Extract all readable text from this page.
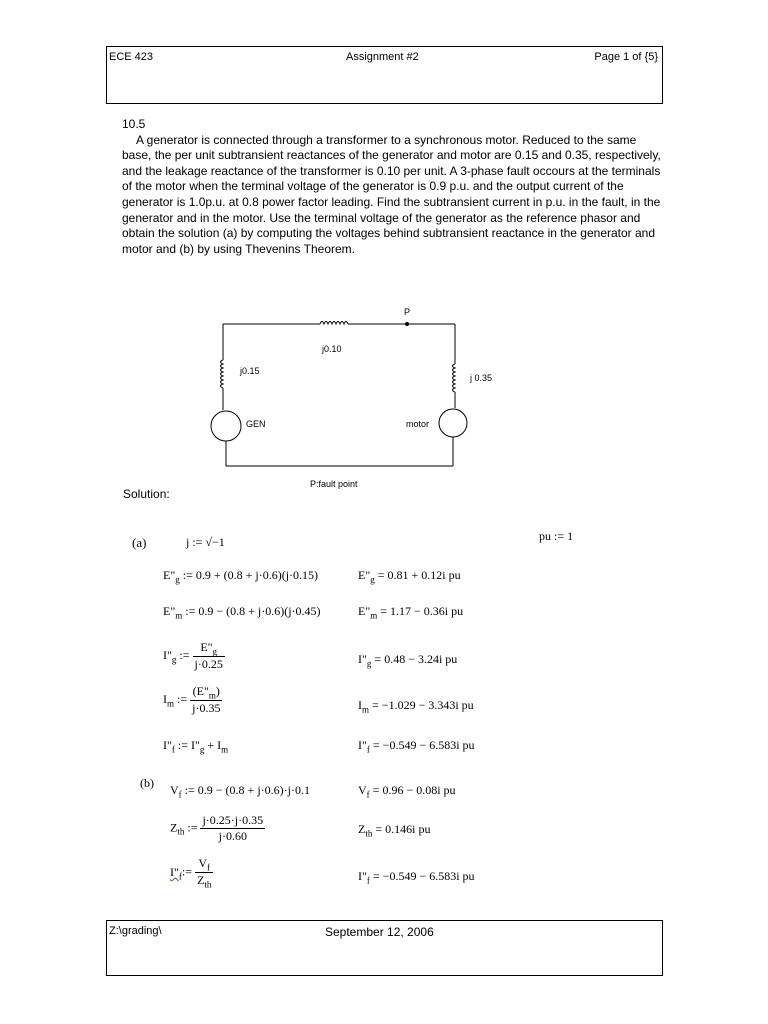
ECE 423	Assignment #2	Page 1 of {5}
10.5
A generator is connected through a transformer to a synchronous motor. Reduced to the same base, the per unit subtransient reactances of the generator and motor are 0.15 and 0.35, respectively, and the leakage reactance of the transformer is 0.10 per unit. A 3-phase fault occours at the terminals of the motor when the terminal voltage of the generator is 0.9 p.u. and the output current of the generator is 1.0p.u. at 0.8 power factor leading. Find the subtransient current in p.u. in the fault, in the generator and in the motor. Use the terminal voltage of the generator as the reference phasor and obtain the solution (a) by computing the voltages behind subtransient reactance in the generator and motor and (b) by using Thevenins Theorem.
P
j0.10
j0.15
j 0.35
GEN	motor
P:fault point
Solution:
(a)	j := √−1	pu := 1
$E"_g$ := 0.9 + (0.8 + j·0.6)(j·0.15)	$E"_g = 0.81 + 0.12i$ pu
$E"_m$ := 0.9 − (0.8 + j·0.6)(j·0.45)	$E"_m = 1.17 - 0.36i$ pu
$I"_g$ := $\frac{E"_g}{j\cdot 0.25}$	$I"_g = 0.48 - 3.24i$ pu
$I_m$ := $\frac{(E"_m)}{j\cdot 0.35}$	$I_m = -1.029 - 3.343i$ pu
$I"_f$ := $I"_g + I_m$	$I"_f = -0.549 - 6.583i$ pu
(b) $V_f$ := 0.9 − (0.8 + j·0.6)·j·0.1	$V_f = 0.96 - 0.08i$ pu
$Z_{th}$ := $\frac{j\cdot 0.25\cdot j\cdot 0.35}{j\cdot 0.60}$	$Z_{th} = 0.146i$ pu
$I"_f:= \frac{V_f}{Z_{th}}$	$I"_f = -0.549 - 6.583i$ pu
Z:\grading\	September 12, 2006
